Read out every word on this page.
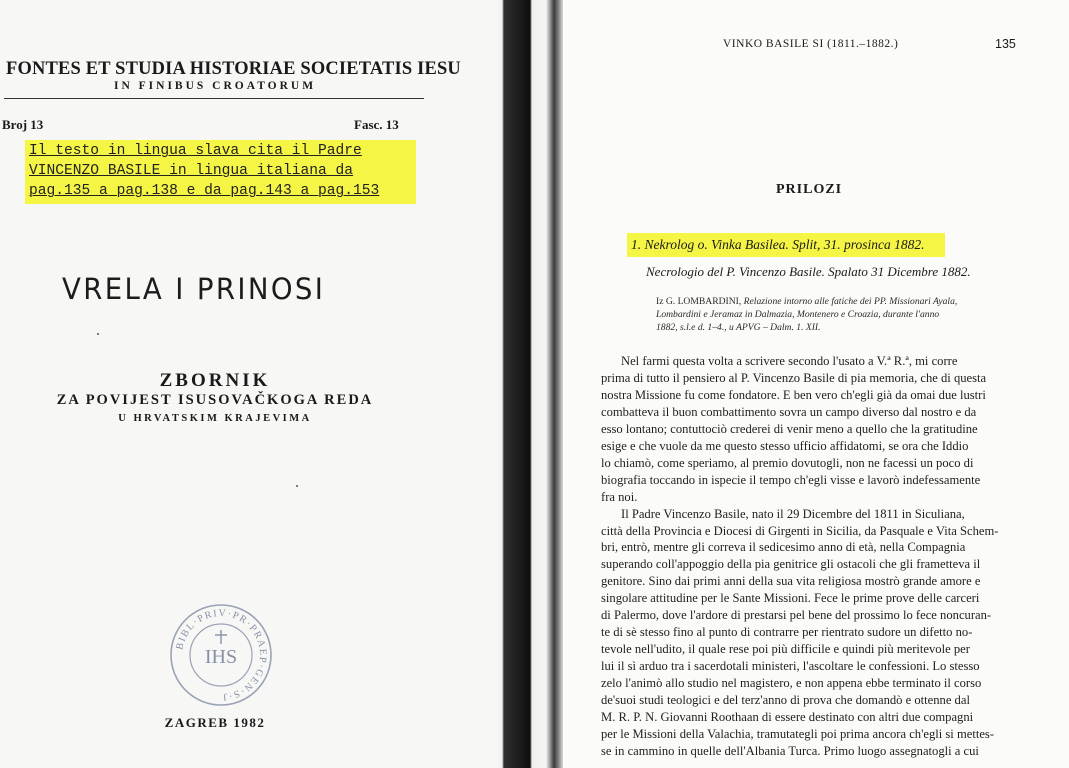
FONTES ET STUDIA HISTORIAE SOCIETATIS IESU
IN FINIBUS CROATORUM
Broj 13	Fasc. 13
Il testo in lingua slava cita il Padre
VINCENZO BASILE in lingua italiana da
pag.135 a pag.138 e da pag.143 a pag.153
VRELA I PRINOSI
ZBORNIK
ZA POVIJEST ISUSOVAČKOGA REDA
U HRVATSKIM KRAJEVIMA
BIBL·PRIV·PR·PRAEP·GEN·S·J
IHS
ZAGREB 1982
VINKO BASILE SI (1811.–1882.)	135
PRILOZI
1. Nekrolog o. Vinka Basilea. Split, 31. prosinca 1882.
Necrologio del P. Vincenzo Basile. Spalato 31 Dicembre 1882.
Iz G. LOMBARDINI, Relazione intorno alle fatiche dei PP. Missionari Ayala,
Lombardini e Jeramaz in Dalmazia, Montenero e Croazia, durante l'anno
1882, s.l.e d. 1–4., u APVG – Dalm. 1. XII.
Nel farmi questa volta a scrivere secondo l'usato a V.ª R.ª, mi corre
prima di tutto il pensiero al P. Vincenzo Basile di pia memoria, che di questa
nostra Missione fu come fondatore. E ben vero ch'egli già da omai due lustri
combatteva il buon combattimento sovra un campo diverso dal nostro e da
esso lontano; contuttociò crederei di venir meno a quello che la gratitudine
esige e che vuole da me questo stesso ufficio affidatomi, se ora che Iddio
lo chiamò, come speriamo, al premio dovutogli, non ne facessi un poco di
biografia toccando in ispecie il tempo ch'egli visse e lavorò indefessamente
fra noi.
Il Padre Vincenzo Basile, nato il 29 Dicembre del 1811 in Siculiana,
città della Provincia e Diocesi di Girgenti in Sicilia, da Pasquale e Vita Schem-
bri, entrò, mentre gli correva il sedicesimo anno di età, nella Compagnia
superando coll'appoggio della pia genitrice gli ostacoli che gli frametteva il
genitore. Sino dai primi anni della sua vita religiosa mostrò grande amore e
singolare attitudine per le Sante Missioni. Fece le prime prove delle carceri
di Palermo, dove l'ardore di prestarsi pel bene del prossimo lo fece noncuran-
te di sè stesso fino al punto di contrarre per rientrato sudore un difetto no-
tevole nell'udito, il quale rese poi più difficile e quindi più meritevole per
lui il sì arduo tra i sacerdotali ministeri, l'ascoltare le confessioni. Lo stesso
zelo l'animò allo studio nel magistero, e non appena ebbe terminato il corso
de'suoi studi teologici e del terz'anno di prova che domandò e ottenne dal
M. R. P. N. Giovanni Roothaan di essere destinato con altri due compagni
per le Missioni della Valachia, tramutategli poi prima ancora ch'egli si mettes-
se in cammino in quelle dell'Albania Turca. Primo luogo assegnatogli a cui
